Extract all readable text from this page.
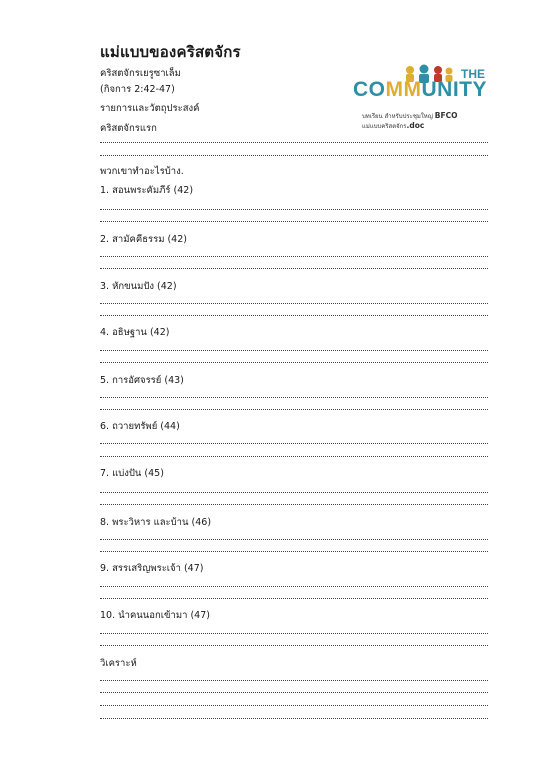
แม่แบบของคริสตจักร
คริสตจักรเยรูซาเล็ม
(กิจการ 2:42-47)
รายการและวัตถุประสงค์
คริสตจักรแรก
THE
COMMUNITY
บทเรียน สำหรับประชุมใหญ่ BFCO
แม่แบบคริสตจักร.doc
พวกเขาทำอะไรบ้าง.
1. สอนพระคัมภีร์ (42)
2. สามัคคีธรรม (42)
3. หักขนมปัง (42)
4. อธิษฐาน (42)
5. การอัศจรรย์ (43)
6. ถวายทรัพย์ (44)
7. แบ่งปัน (45)
8. พระวิหาร และบ้าน (46)
9. สรรเสริญพระเจ้า (47)
10. นำคนนอกเข้ามา (47)
วิเคราะห์
